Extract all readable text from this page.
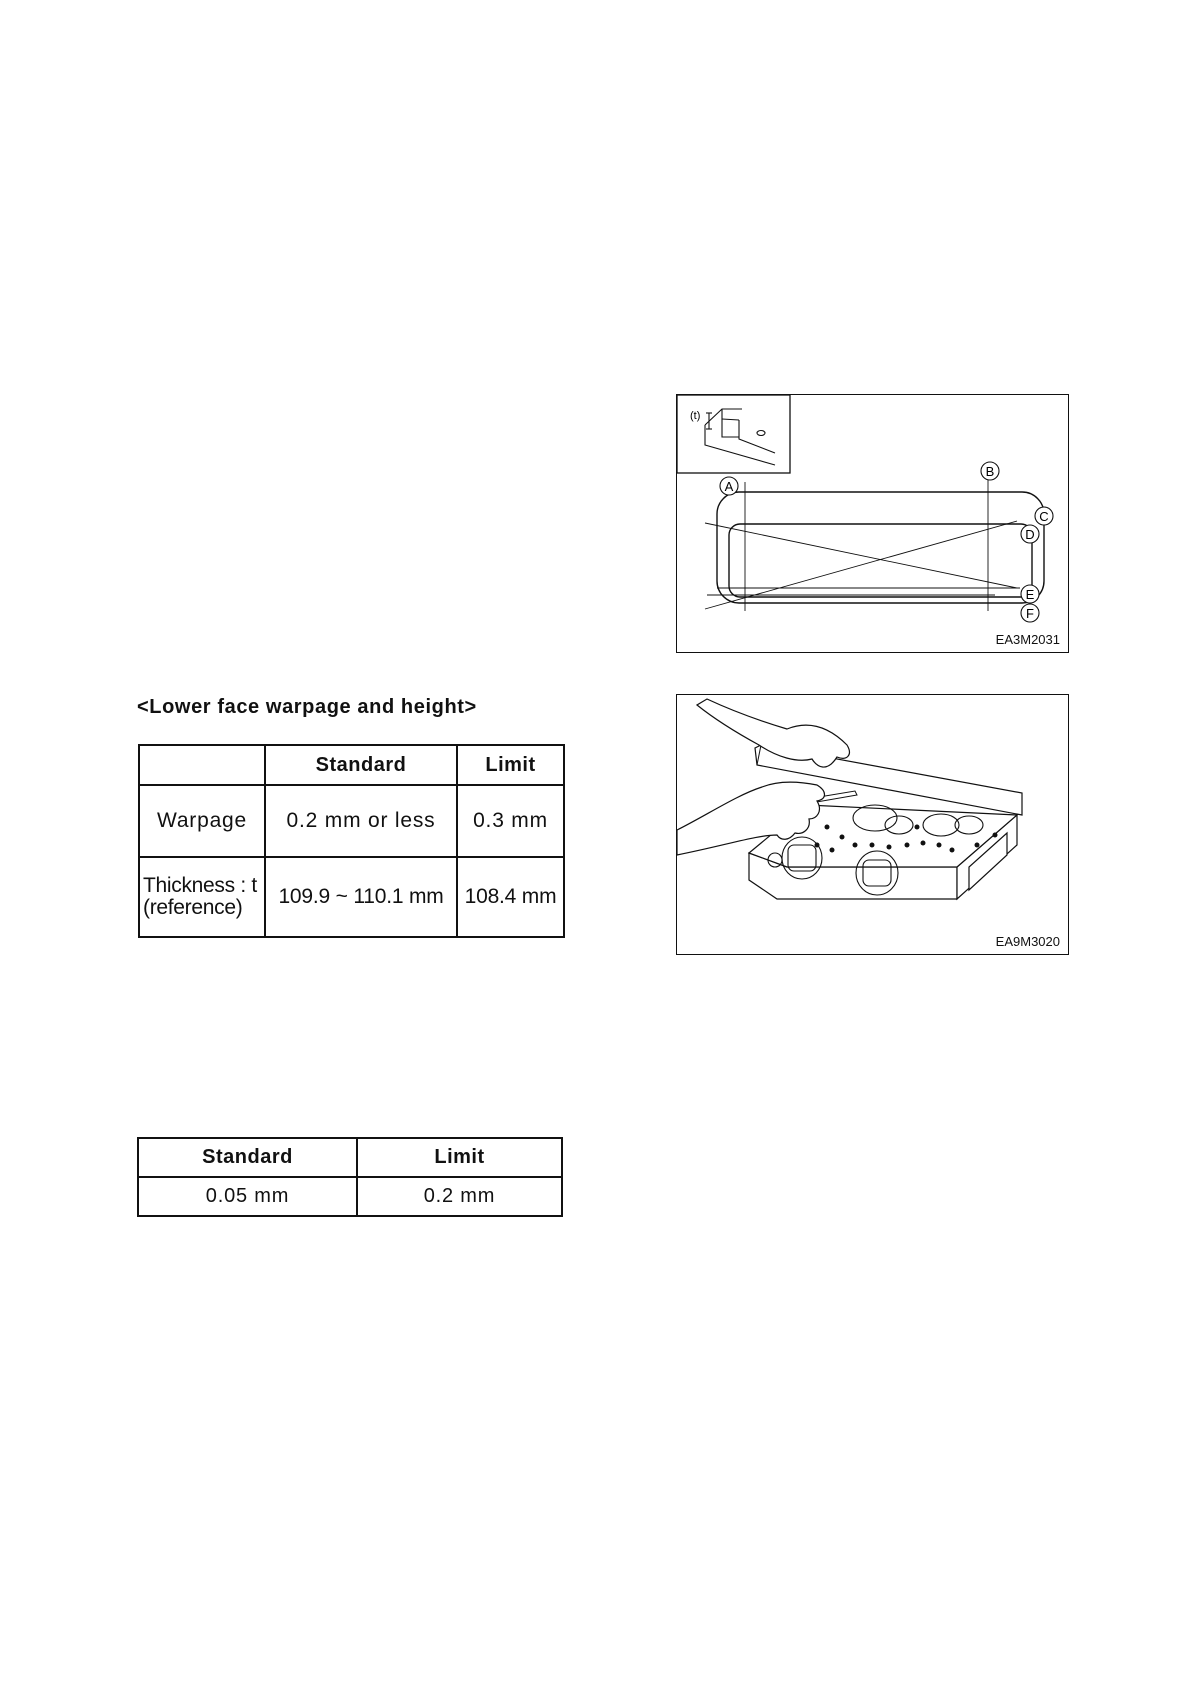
<Lower face warpage and height>
	Standard	Limit
Warpage	0.2 mm or less	0.3 mm

Thickness : t
(reference)	109.9 ~ 110.1 mm	108.4 mm
Standard	Limit
0.05 mm	0.2 mm
(t)
A
B
C
D
E
F
EA3M2031
EA9M3020
